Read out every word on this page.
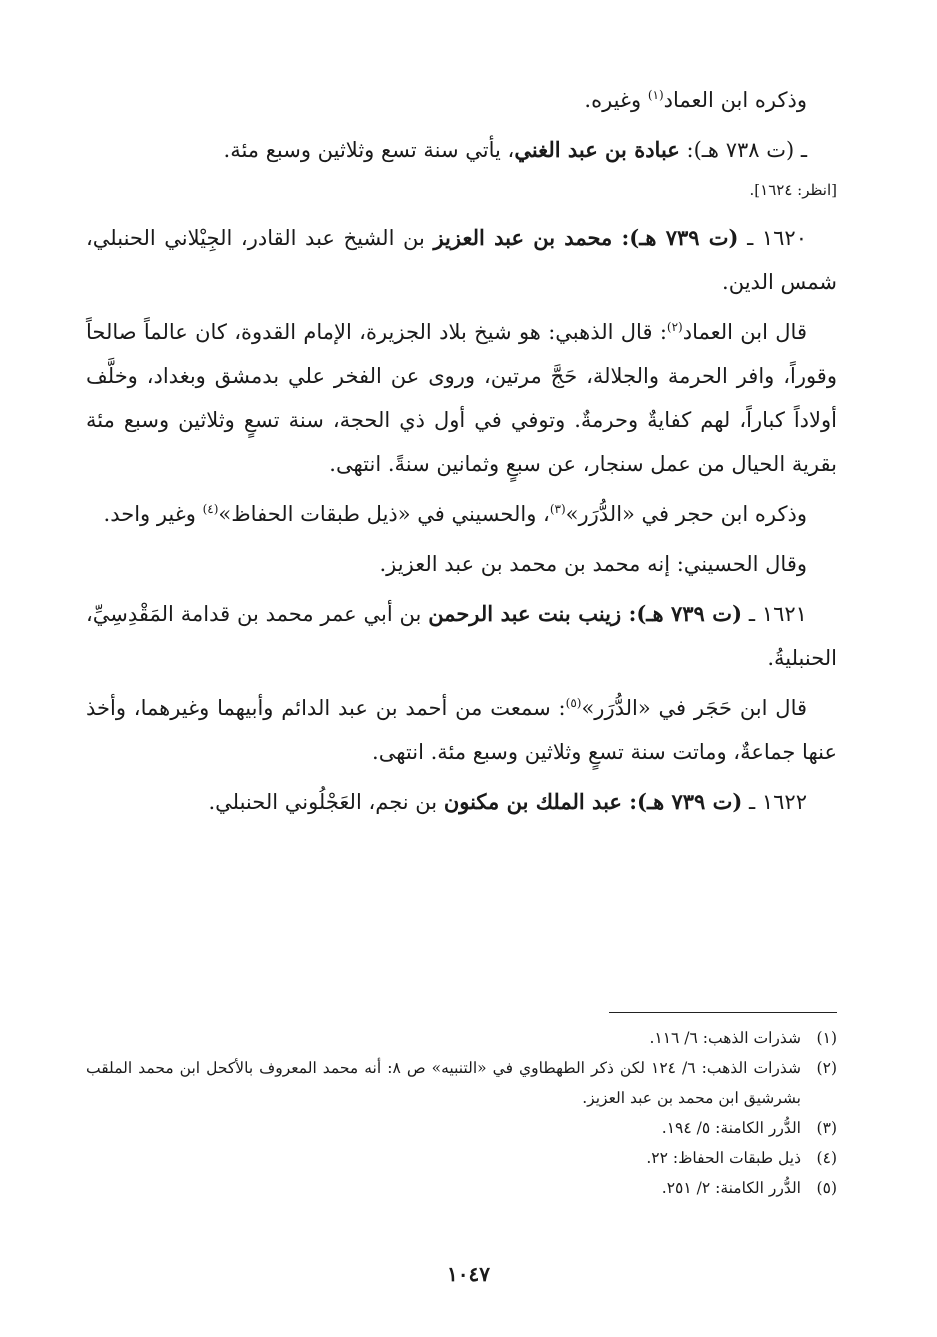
وذكره ابن العماد$^{(١)}$ وغيره.

ـ (ت ٧٣٨ هـ): عبادة بن عبد الغني، يأتي سنة تسع وثلاثين وسبع مئة.

[انظر: ١٦٢٤].

١٦٢٠ ـ (ت ٧٣٩ هـ): محمد بن عبد العزيز بن الشيخ عبد القادر، الجِيْلاني الحنبلي، شمس الدين.

قال ابن العماد$^{(٢)}$: قال الذهبي: هو شيخ بلاد الجزيرة، الإمام القدوة، كان عالماً صالحاً وقوراً، وافر الحرمة والجلالة، حَجَّ مرتين، وروى عن الفخر علي بدمشق وبغداد، وخلَّف أولاداً كباراً، لهم كفايةٌ وحرمةٌ. وتوفي في أول ذي الحجة، سنة تسعٍ وثلاثين وسبع مئة بقرية الحيال من عمل سنجار، عن سبعٍ وثمانين سنةً. انتهى.

وذكره ابن حجر في «الدُّرَر»$^{(٣)}$، والحسيني في «ذيل طبقات الحفاظ»$^{(٤)}$ وغير واحد.

وقال الحسيني: إنه محمد بن محمد بن عبد العزيز.

١٦٢١ ـ (ت ٧٣٩ هـ): زينب بنت عبد الرحمن بن أبي عمر محمد بن قدامة المَقْدِسِيِّ، الحنبليةُ.

قال ابن حَجَر في «الدُّرَر»$^{(٥)}$: سمعت من أحمد بن عبد الدائم وأبيهما وغيرهما، وأخذ عنها جماعةٌ، وماتت سنة تسعٍ وثلاثين وسبع مئة. انتهى.

١٦٢٢ ـ (ت ٧٣٩ هـ): عبد الملك بن مكنون بن نجم، العَجْلُوني الحنبلي.

(١)
شذرات الذهب: ٦/ ١١٦.
(٢)
شذرات الذهب: ٦/ ١٢٤ لكن ذكر الطهطاوي في «التنبيه» ص ٨: أنه محمد المعروف بالأكحل ابن محمد الملقب بشرشيق ابن محمد بن عبد العزيز.
(٣)
الدُّرر الكامنة: ٥/ ١٩٤.
(٤)
ذيل طبقات الحفاظ: ٢٢.
(٥)
الدُّرر الكامنة: ٢/ ٢٥١.
١٠٤٧
